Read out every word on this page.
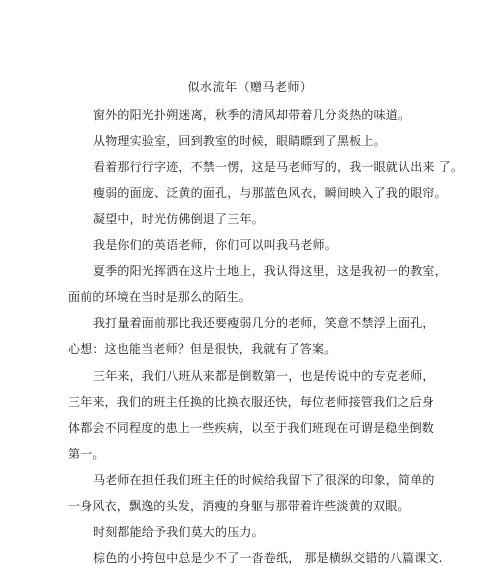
似水流年（赠马老师）
窗外的阳光扑朔迷离，秋季的清风却带着几分炎热的味道。
从物理实验室，回到教室的时候，眼睛瞟到了黑板上。
看着那行行字迹，不禁一愣，这是马老师写的，我一眼就认出来 了。
瘦弱的面庞、泛黄的面孔，与那蓝色风衣，瞬间映入了我的眼帘。
凝望中，时光仿佛倒退了三年。
我是你们的英语老师，你们可以叫我马老师。
夏季的阳光挥洒在这片土地上，我认得这里，这是我初一的教室，
面前的环境在当时是那么的陌生。
我打量着面前那比我还要瘦弱几分的老师，笑意不禁浮上面孔，
心想：这也能当老师？但是很快，我就有了答案。
三年来，我们八班从来都是倒数第一，也是传说中的专克老师，
三年来，我们的班主任换的比换衣服还快，每位老师接管我们之后身
体都会不同程度的患上一些疾病，以至于我们班现在可谓是稳坐倒数
第一。
马老师在担任我们班主任的时候给我留下了很深的印象，简单的
一身风衣，飘逸的头发，消瘦的身躯与那带着许些淡黄的双眼。
时刻都能给予我们莫大的压力。
棕色的小挎包中总是少不了一沓卷纸， 那是横纵交错的八篇课文.
